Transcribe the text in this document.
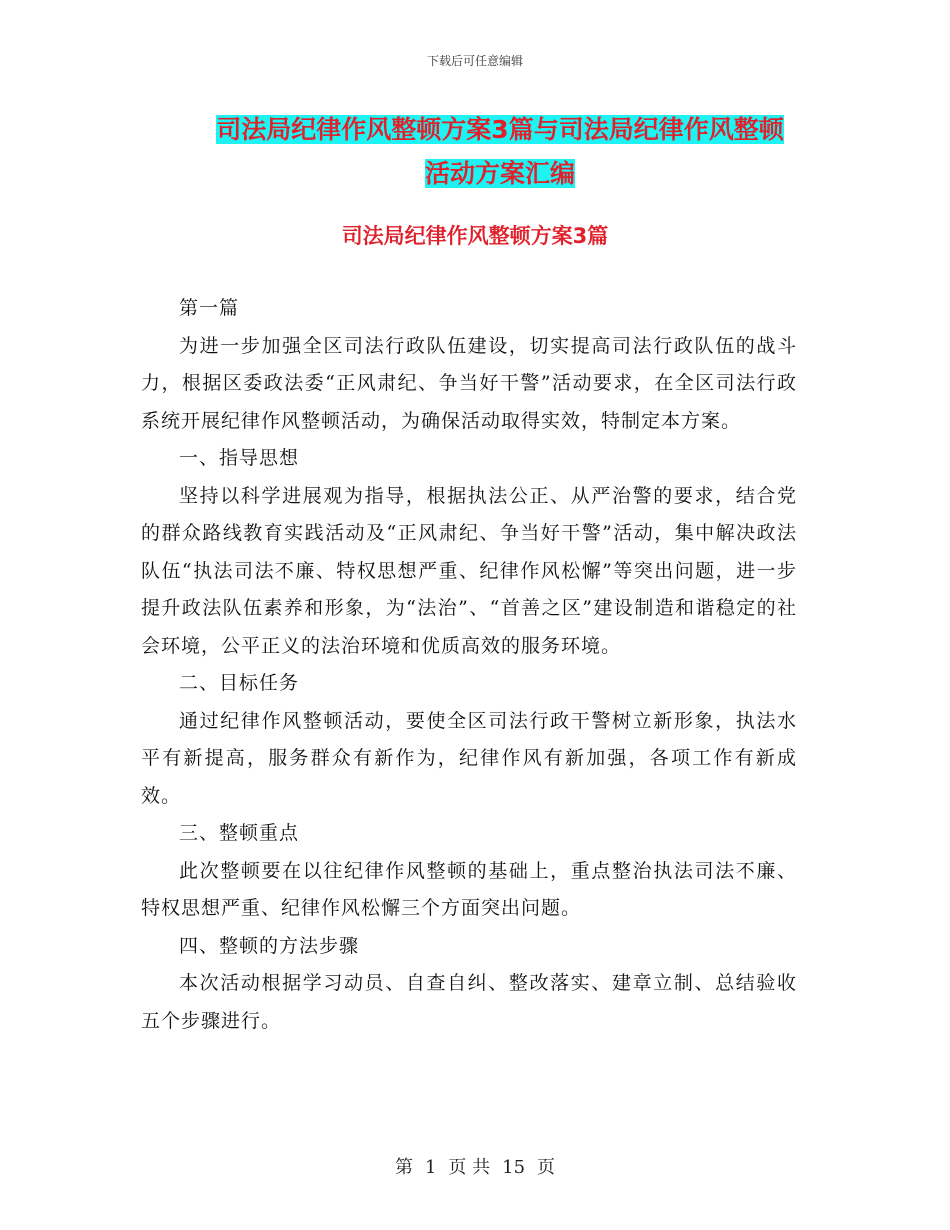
下载后可任意编辑
司法局纪律作风整顿方案3篇与司法局纪律作风整顿
活动方案汇编
司法局纪律作风整顿方案3篇

第一篇

为进一步加强全区司法行政队伍建设，切实提高司法行政队伍的战斗力，根据区委政法委“正风肃纪、争当好干警”活动要求，在全区司法行政系统开展纪律作风整顿活动，为确保活动取得实效，特制定本方案。

一、指导思想

坚持以科学进展观为指导，根据执法公正、从严治警的要求，结合党的群众路线教育实践活动及“正风肃纪、争当好干警”活动，集中解决政法队伍“执法司法不廉、特权思想严重、纪律作风松懈”等突出问题，进一步提升政法队伍素养和形象，为“法治”、“首善之区”建设制造和谐稳定的社会环境，公平正义的法治环境和优质高效的服务环境。

二、目标任务

通过纪律作风整顿活动，要使全区司法行政干警树立新形象，执法水平有新提高，服务群众有新作为，纪律作风有新加强，各项工作有新成效。

三、整顿重点

此次整顿要在以往纪律作风整顿的基础上，重点整治执法司法不廉、特权思想严重、纪律作风松懈三个方面突出问题。

四、整顿的方法步骤

本次活动根据学习动员、自查自纠、整改落实、建章立制、总结验收五个步骤进行。

第 1 页 共 15 页
